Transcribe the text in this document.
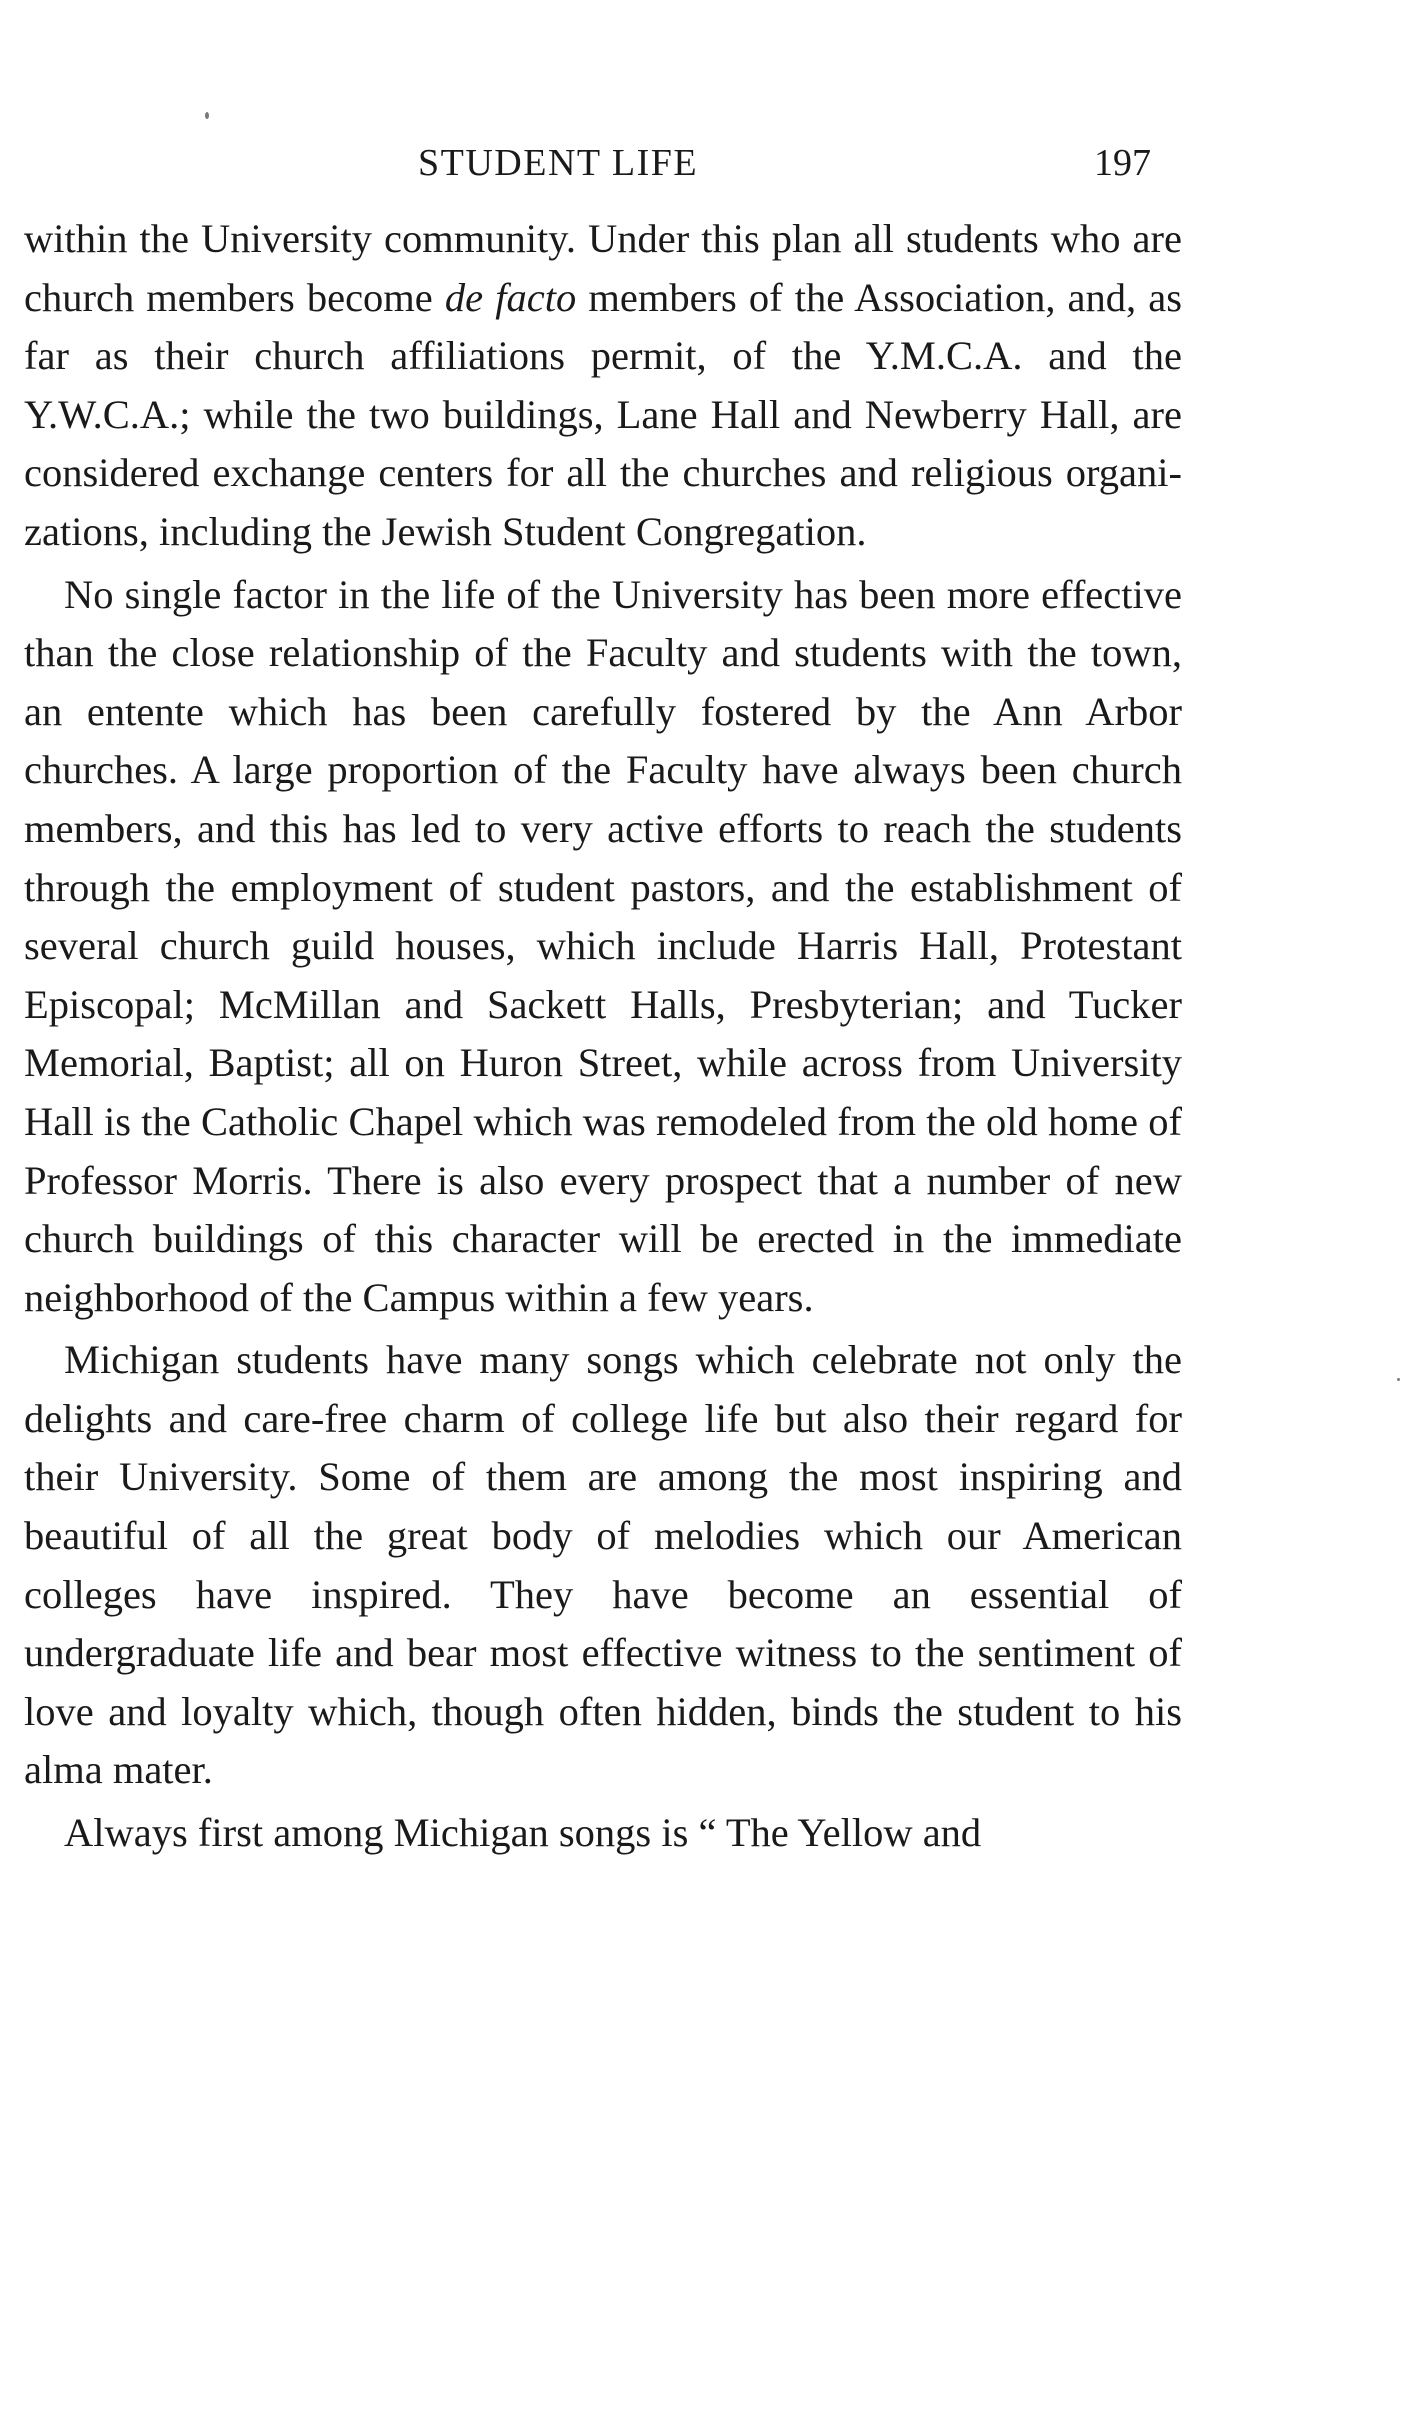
STUDENT LIFE	197

within the University community. Under this plan all students who are church members become de facto members of the Association, and, as far as their church affiliations permit, of the Y.M.C.A. and the Y.W.C.A.; while the two buildings, Lane Hall and Newberry Hall, are considered exchange centers for all the churches and religious organizations, including the Jewish Student Congregation.

No single factor in the life of the University has been more effective than the close relationship of the Faculty and students with the town, an entente which has been carefully fostered by the Ann Arbor churches. A large proportion of the Faculty have always been church members, and this has led to very active efforts to reach the students through the employment of student pastors, and the establishment of several church guild houses, which include Harris Hall, Protestant Episcopal; McMillan and Sackett Halls, Presbyterian; and Tucker Memorial, Baptist; all on Huron Street, while across from University Hall is the Catholic Chapel which was remodeled from the old home of Professor Morris. There is also every prospect that a number of new church buildings of this character will be erected in the immediate neighborhood of the Campus within a few years.

Michigan students have many songs which celebrate not only the delights and care-free charm of college life but also their regard for their University. Some of them are among the most inspiring and beautiful of all the great body of melodies which our American colleges have inspired. They have become an essential of undergraduate life and bear most effective witness to the sentiment of love and loyalty which, though often hidden, binds the student to his alma mater.

Always first among Michigan songs is “ The Yellow and
